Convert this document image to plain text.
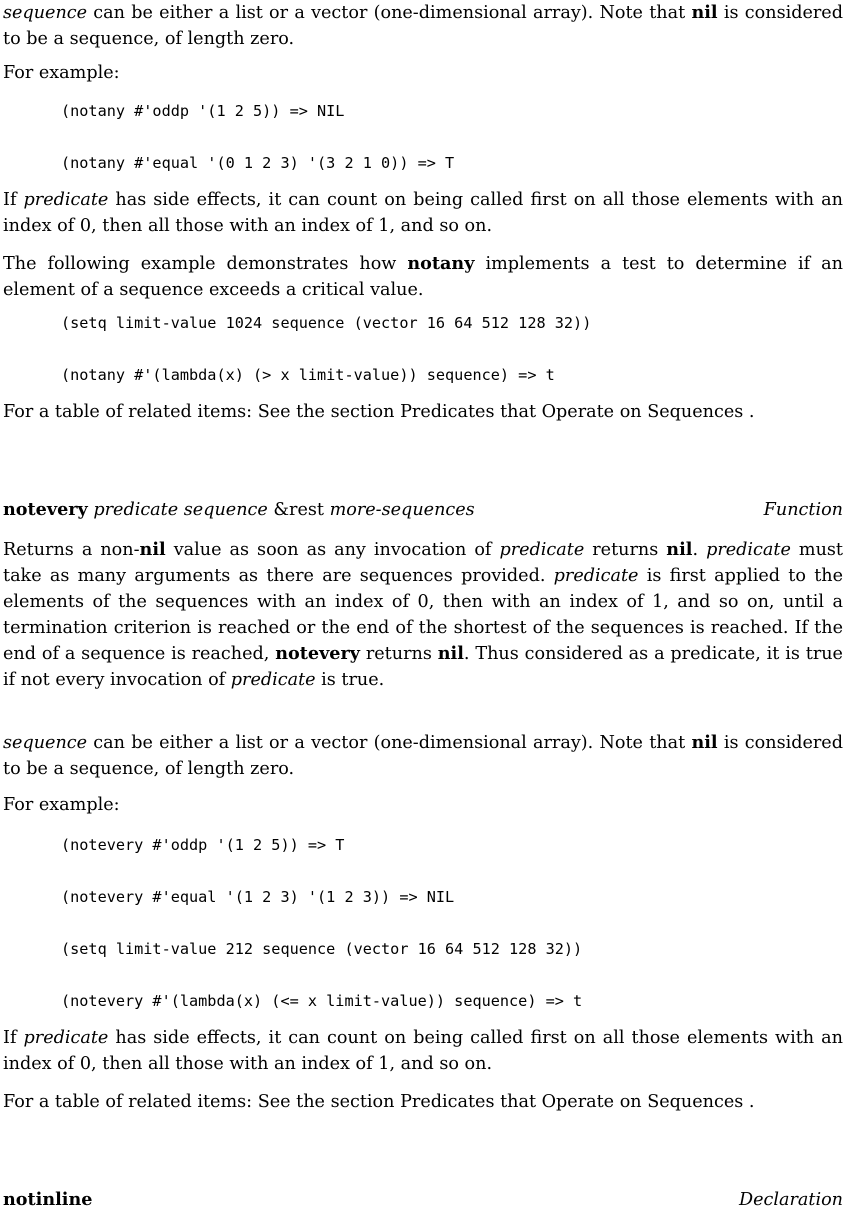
sequence can be either a list or a vector (one-dimensional array). Note that nil is considered to be a sequence, of length zero.

For example:

(notany #'oddp '(1 2 5)) => NIL
(notany #'equal '(0 1 2 3) '(3 2 1 0)) => T

If predicate has side effects, it can count on being called first on all those elements with an index of 0, then all those with an index of 1, and so on.

The following example demonstrates how notany implements a test to determine if an element of a sequence exceeds a critical value.

(setq limit-value 1024 sequence (vector 16 64 512 128 32))
(notany #'(lambda(x) (> x limit-value)) sequence) => t

For a table of related items: See the section Predicates that Operate on Sequences .

notevery predicate sequence &rest more-sequences	Function

Returns a non-nil value as soon as any invocation of predicate returns nil. predicate must take as many arguments as there are sequences provided. predicate is first applied to the elements of the sequences with an index of 0, then with an index of 1, and so on, until a termination criterion is reached or the end of the shortest of the sequences is reached. If the end of a sequence is reached, notevery returns nil. Thus considered as a predicate, it is true if not every invocation of predicate is true.

sequence can be either a list or a vector (one-dimensional array). Note that nil is considered to be a sequence, of length zero.

For example:

(notevery #'oddp '(1 2 5)) => T
(notevery #'equal '(1 2 3) '(1 2 3)) => NIL
(setq limit-value 212 sequence (vector 16 64 512 128 32))
(notevery #'(lambda(x) (<= x limit-value)) sequence) => t

If predicate has side effects, it can count on being called first on all those elements with an index of 0, then all those with an index of 1, and so on.

For a table of related items: See the section Predicates that Operate on Sequences .

notinline	Declaration
